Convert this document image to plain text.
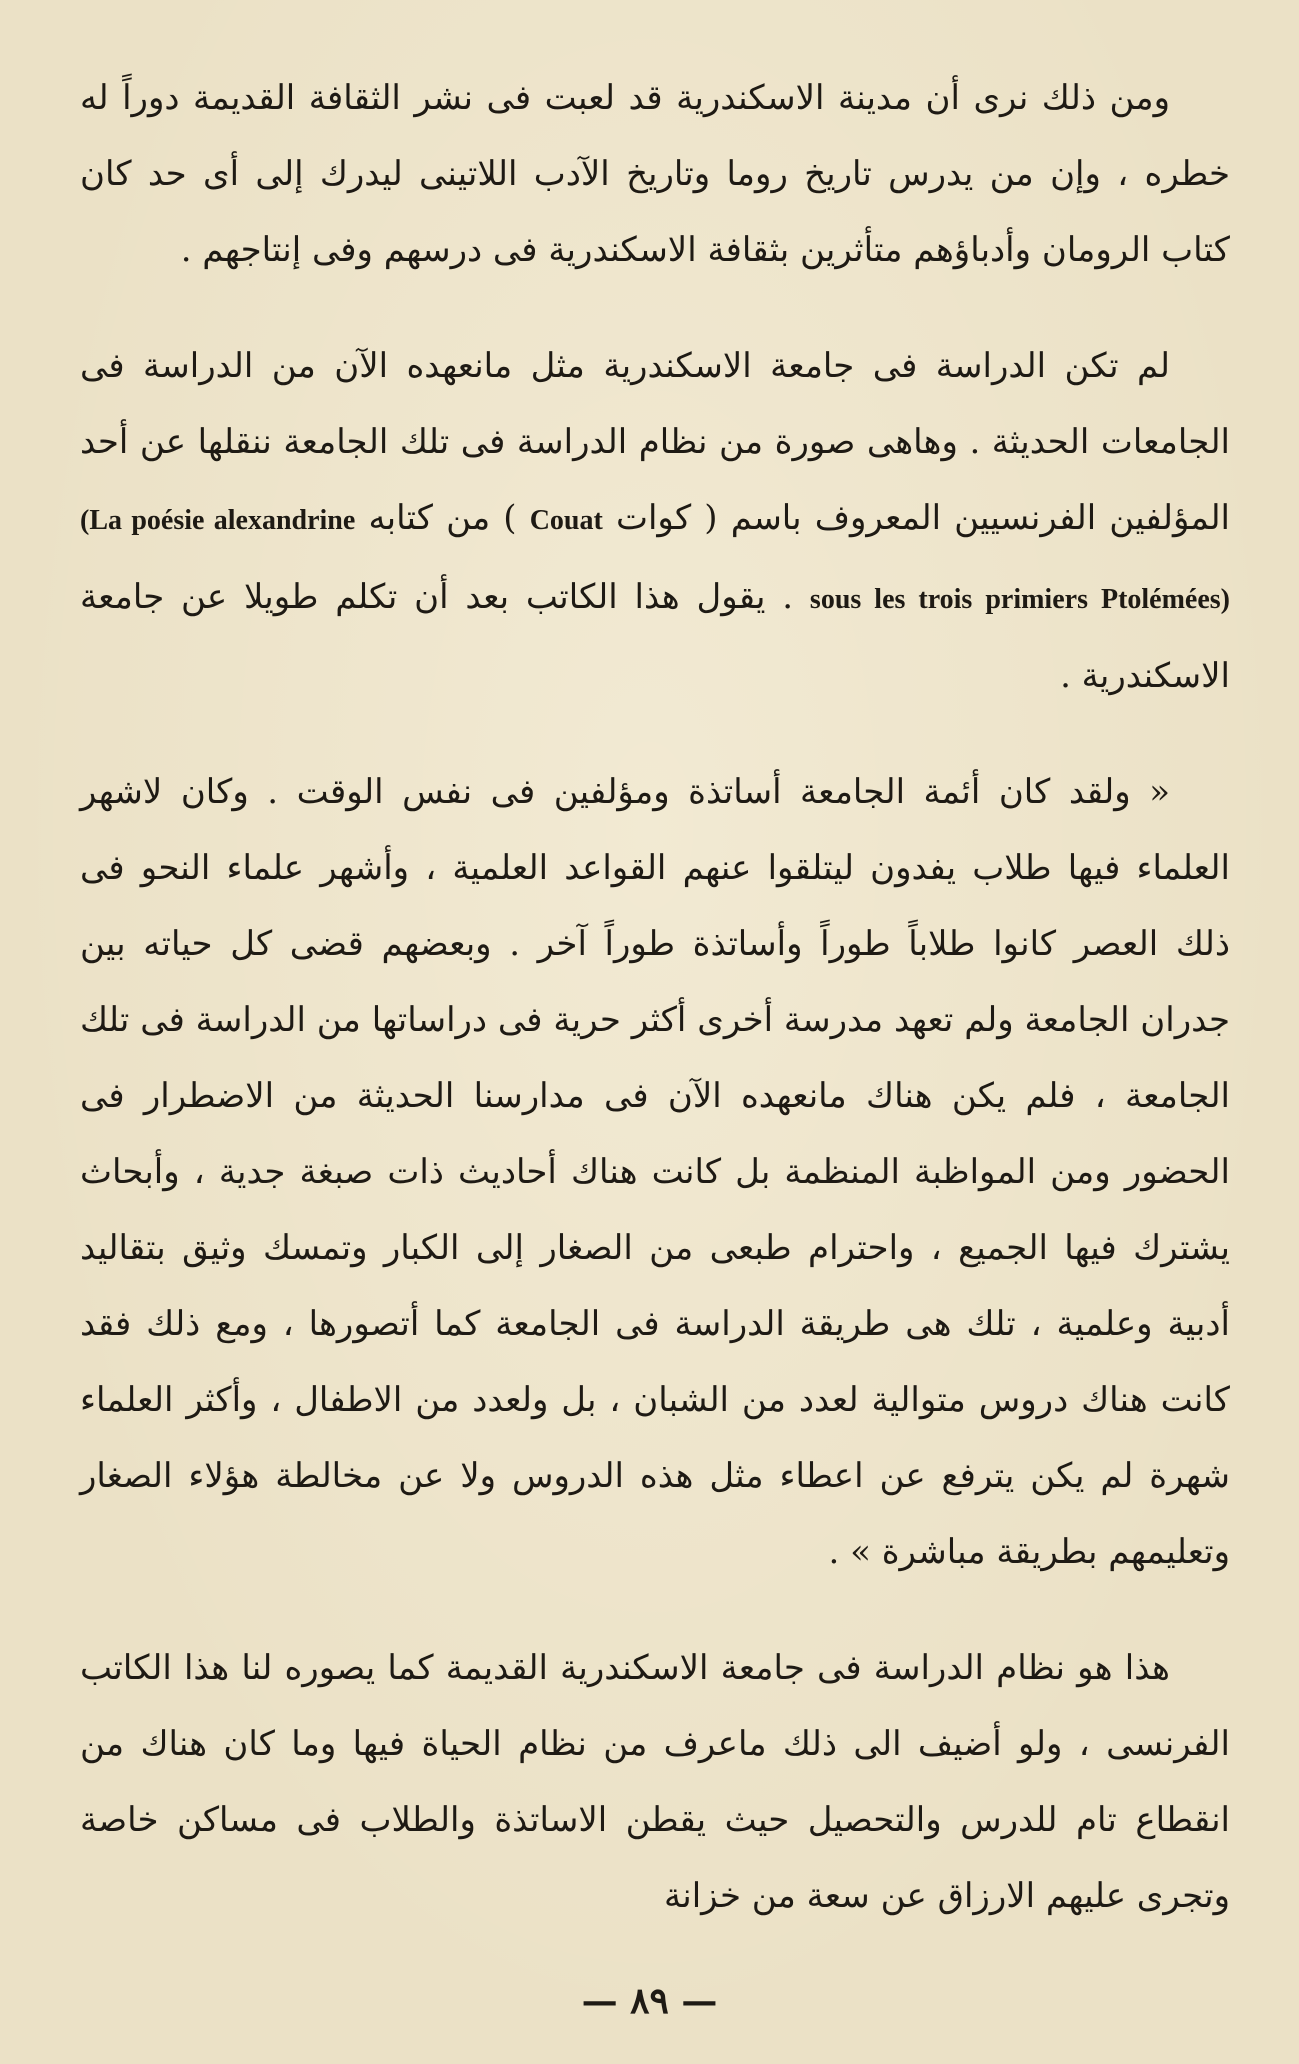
ومن ذلك نرى أن مدينة الاسكندرية قد لعبت فى نشر الثقافة القديمة دوراً له خطره ، وإن من يدرس تاريخ روما وتاريخ الآدب اللاتينى ليدرك إلى أى حد كان كتاب الرومان وأدباؤهم متأثرين بثقافة الاسكندرية فى درسهم وفى إنتاجهم .

لم تكن الدراسة فى جامعة الاسكندرية مثل مانعهده الآن من الدراسة فى الجامعات الحديثة . وهاهى صورة من نظام الدراسة فى تلك الجامعة ننقلها عن أحد المؤلفين الفرنسيين المعروف باسم ( كوات Couat ) من كتابه (La poésie alexandrine sous les trois primiers Ptolémées) . يقول هذا الكاتب بعد أن تكلم طويلا عن جامعة الاسكندرية .

« ولقد كان أئمة الجامعة أساتذة ومؤلفين فى نفس الوقت . وكان لاشهر العلماء فيها طلاب يفدون ليتلقوا عنهم القواعد العلمية ، وأشهر علماء النحو فى ذلك العصر كانوا طلاباً طوراً وأساتذة طوراً آخر . وبعضهم قضى كل حياته بين جدران الجامعة ولم تعهد مدرسة أخرى أكثر حرية فى دراساتها من الدراسة فى تلك الجامعة ، فلم يكن هناك مانعهده الآن فى مدارسنا الحديثة من الاضطرار فى الحضور ومن المواظبة المنظمة بل كانت هناك أحاديث ذات صبغة جدية ، وأبحاث يشترك فيها الجميع ، واحترام طبعى من الصغار إلى الكبار وتمسك وثيق بتقاليد أدبية وعلمية ، تلك هى طريقة الدراسة فى الجامعة كما أتصورها ، ومع ذلك فقد كانت هناك دروس متوالية لعدد من الشبان ، بل ولعدد من الاطفال ، وأكثر العلماء شهرة لم يكن يترفع عن اعطاء مثل هذه الدروس ولا عن مخالطة هؤلاء الصغار وتعليمهم بطريقة مباشرة » .

هذا هو نظام الدراسة فى جامعة الاسكندرية القديمة كما يصوره لنا هذا الكاتب الفرنسى ، ولو أضيف الى ذلك ماعرف من نظام الحياة فيها وما كان هناك من انقطاع تام للدرس والتحصيل حيث يقطن الاساتذة والطلاب فى مساكن خاصة وتجرى عليهم الارزاق عن سعة من خزانة

— ٨٩ —
